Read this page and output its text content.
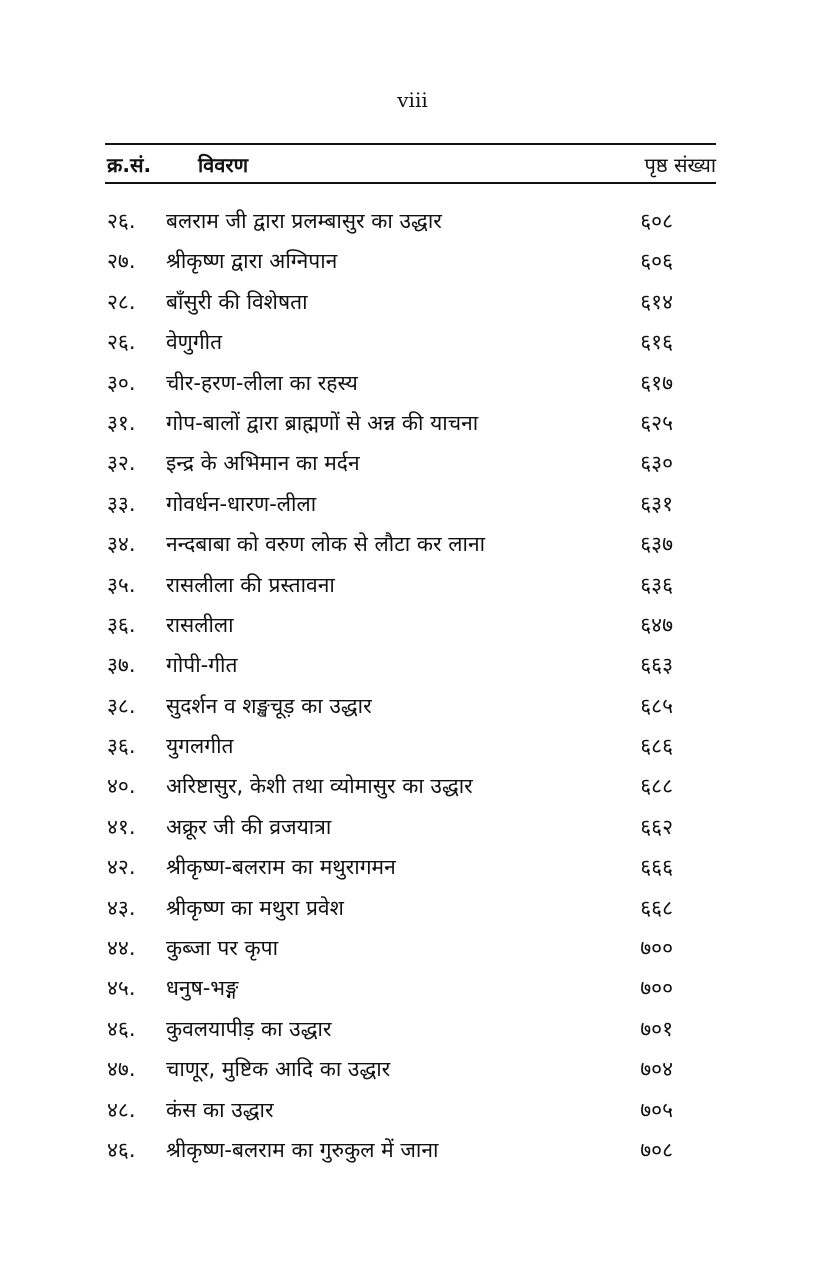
viii
क्र.सं. विवरण	पृष्ठ संख्या
२६. बलराम जी द्वारा प्रलम्बासुर का उद्धार	६०८
२७. श्रीकृष्ण द्वारा अग्निपान	६०६
२८. बाँसुरी की विशेषता	६१४
२६. वेणुगीत	६१६
३०. चीर-हरण-लीला का रहस्य	६१७
३१. गोप-बालों द्वारा ब्राह्मणों से अन्न की याचना	६२५
३२. इन्द्र के अभिमान का मर्दन	६३०
३३. गोवर्धन-धारण-लीला	६३१
३४. नन्दबाबा को वरुण लोक से लौटा कर लाना	६३७
३५. रासलीला की प्रस्तावना	६३६
३६. रासलीला	६४७
३७. गोपी-गीत	६६३
३८. सुदर्शन व शङ्खचूड़ का उद्धार	६८५
३६. युगलगीत	६८६
४०. अरिष्टासुर, केशी तथा व्योमासुर का उद्धार	६८८
४१. अक्रूर जी की व्रजयात्रा	६६२
४२. श्रीकृष्ण-बलराम का मथुरागमन	६६६
४३. श्रीकृष्ण का मथुरा प्रवेश	६६८
४४. कुब्जा पर कृपा	७००
४५. धनुष-भङ्ग	७००
४६. कुवलयापीड़ का उद्धार	७०१
४७. चाणूर, मुष्टिक आदि का उद्धार	७०४
४८. कंस का उद्धार	७०५
४६. श्रीकृष्ण-बलराम का गुरुकुल में जाना	७०८
